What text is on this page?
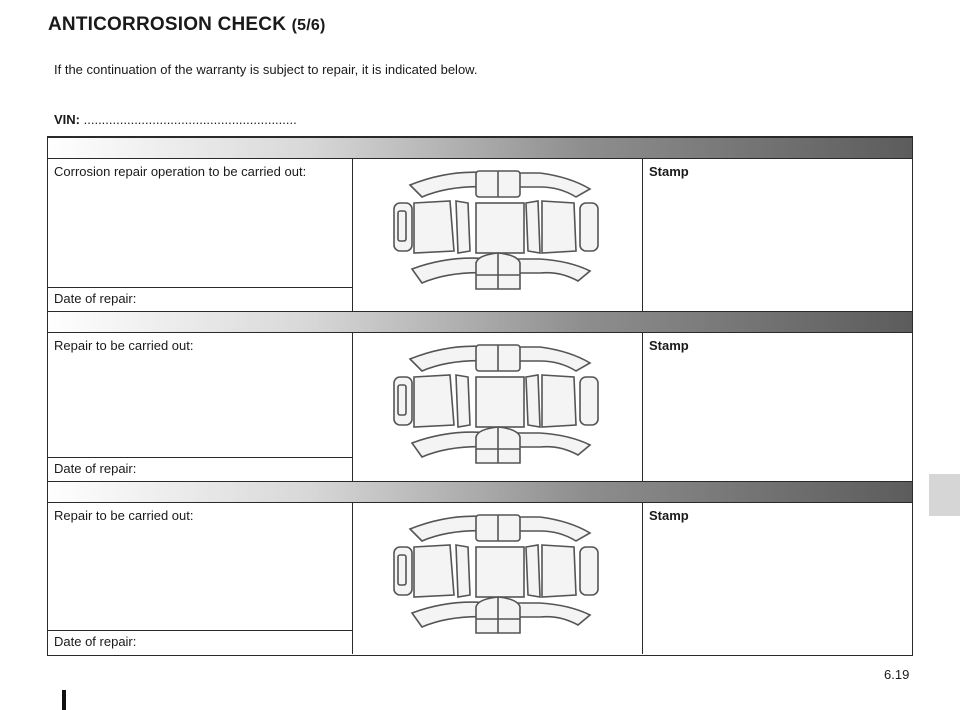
ANTICORROSION CHECK (5/6)
If the continuation of the warranty is subject to repair, it is indicated below.
VIN: ...........................................................
Corrosion repair operation to be carried out:
Date of repair:
Stamp
Repair to be carried out:
Date of repair:
Stamp
Repair to be carried out:
Date of repair:
Stamp
6.19
